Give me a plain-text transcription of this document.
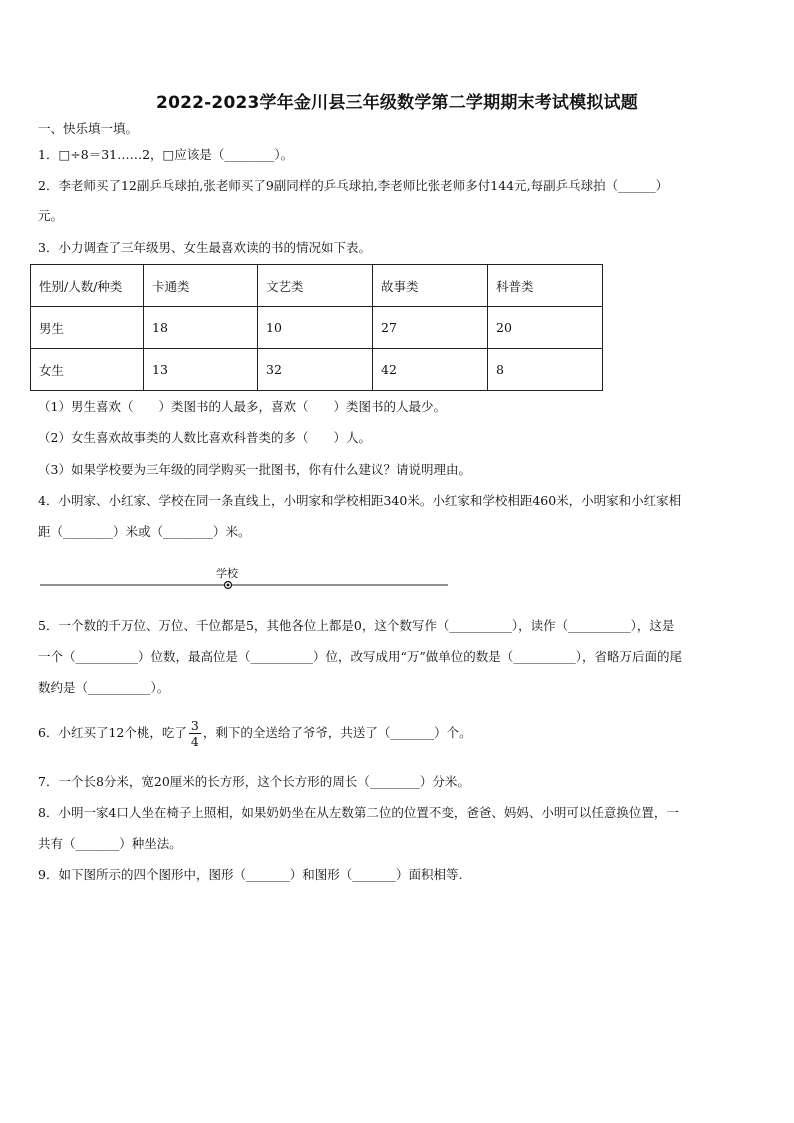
2022-2023学年金川县三年级数学第二学期期末考试模拟试题
一、快乐填一填。
1．□÷8＝31……2，□应该是（________）。
2．李老师买了12副乒乓球拍,张老师买了9副同样的乒乓球拍,李老师比张老师多付144元,每副乒乓球拍（______）
元。
3．小力调查了三年级男、女生最喜欢读的书的情况如下表。
性别/人数/种类	卡通类	文艺类	故事类	科普类
男生	18	10	27	20
女生	13	32	42	8
（1）男生喜欢（　　）类图书的人最多，喜欢（　　）类图书的人最少。
（2）女生喜欢故事类的人数比喜欢科普类的多（　　）人。
（3）如果学校要为三年级的同学购买一批图书，你有什么建议？请说明理由。
4．小明家、小红家、学校在同一条直线上，小明家和学校相距340米。小红家和学校相距460米，小明家和小红家相
距（________）米或（________）米。
学校
5．一个数的千万位、万位、千位都是5，其他各位上都是0，这个数写作（__________），读作（__________），这是
一个（__________）位数，最高位是（__________）位，改写成用“万”做单位的数是（__________），省略万后面的尾
数约是（__________）。
6．小红买了12个桃，吃了 $\frac{3}{4}$ ，剩下的全送给了爷爷，共送了（_______）个。
7．一个长8分米，宽20厘米的长方形，这个长方形的周长（________）分米。
8．小明一家4口人坐在椅子上照相，如果奶奶坐在从左数第二位的位置不变，爸爸、妈妈、小明可以任意换位置，一
共有（_______）种坐法。
9．如下图所示的四个图形中，图形（_______）和图形（_______）面积相等.
